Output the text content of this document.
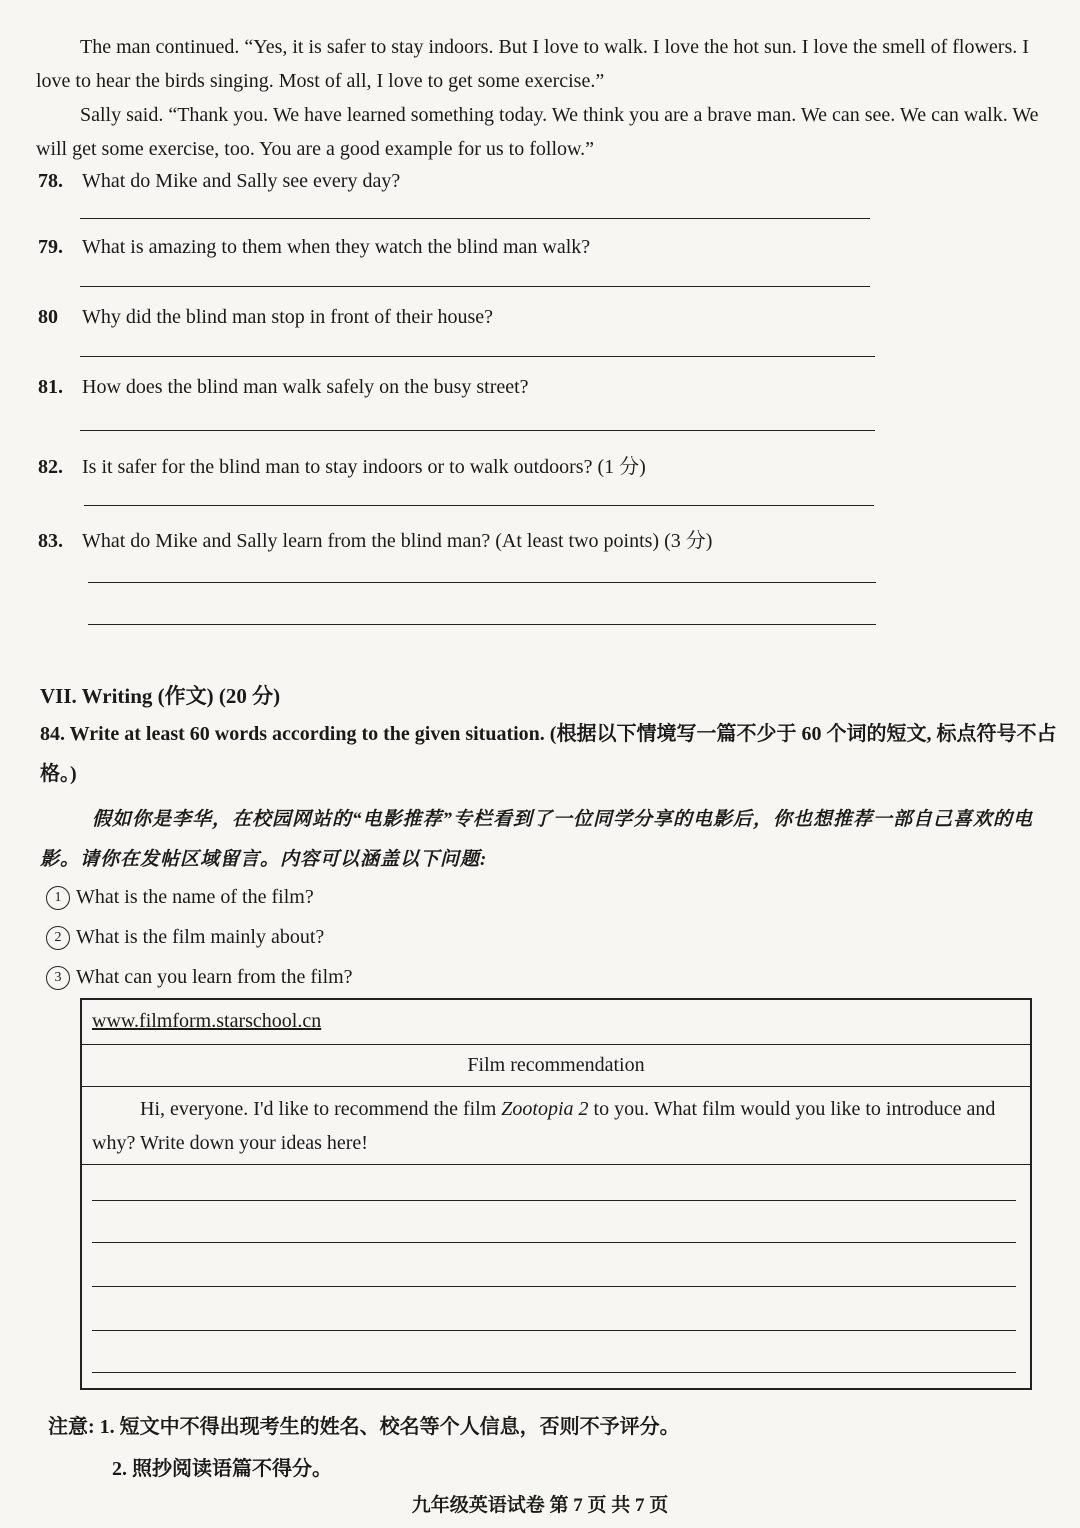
The man continued. “Yes, it is safer to stay indoors. But I love to walk. I love the hot sun. I love the smell of flowers. I love to hear the birds singing. Most of all, I love to get some exercise.”

Sally said. “Thank you. We have learned something today. We think you are a brave man. We can see. We can walk. We will get some exercise, too. You are a good example for us to follow.”

78. What do Mike and Sally see every day?
79. What is amazing to them when they watch the blind man walk?
80 Why did the blind man stop in front of their house?
81. How does the blind man walk safely on the busy street?
82. Is it safer for the blind man to stay indoors or to walk outdoors? (1 分)
83. What do Mike and Sally learn from the blind man? (At least two points) (3 分)
VII. Writing (作文) (20 分)
84. Write at least 60 words according to the given situation. (根据以下情境写一篇不少于 60 个词的短文, 标点符号不占格。)
假如你是李华，在校园网站的“电影推荐”专栏看到了一位同学分享的电影后，你也想推荐一部自己喜欢的电影。请你在发帖区域留言。内容可以涵盖以下问题:
1 What is the name of the film?
2 What is the film mainly about?
3 What can you learn from the film?
www.filmform.starschool.cn
Film recommendation
Hi, everyone. I'd like to recommend the film Zootopia 2 to you. What film would you like to introduce and why? Write down your ideas here!
注意: 1. 短文中不得出现考生的姓名、校名等个人信息，否则不予评分。
2. 照抄阅读语篇不得分。
九年级英语试卷 第 7 页 共 7 页
